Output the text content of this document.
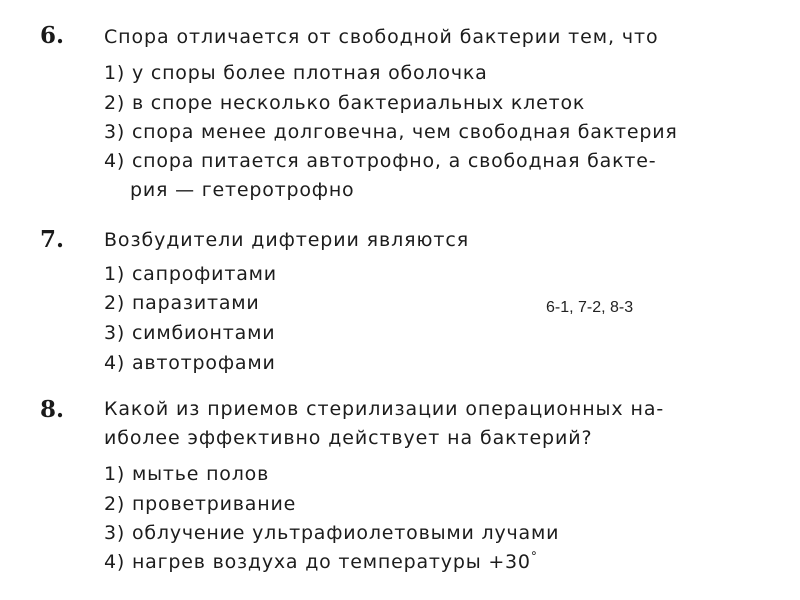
6. Спора отличается от свободной бактерии тем, что
1) у споры более плотная оболочка
2) в споре несколько бактериальных клеток
3) спора менее долговечна, чем свободная бактерия
4) спора питается автотрофно, а свободная бакте-
рия — гетеротрофно
7. Возбудители дифтерии являются
1) сапрофитами
2) паразитами
3) симбионтами
4) автотрофами
6-1, 7-2, 8-3
8. Какой из приемов стерилизации операционных на-
иболее эффективно действует на бактерий?
1) мытье полов
2) проветривание
3) облучение ультрафиолетовыми лучами
4) нагрев воздуха до температуры +30°
